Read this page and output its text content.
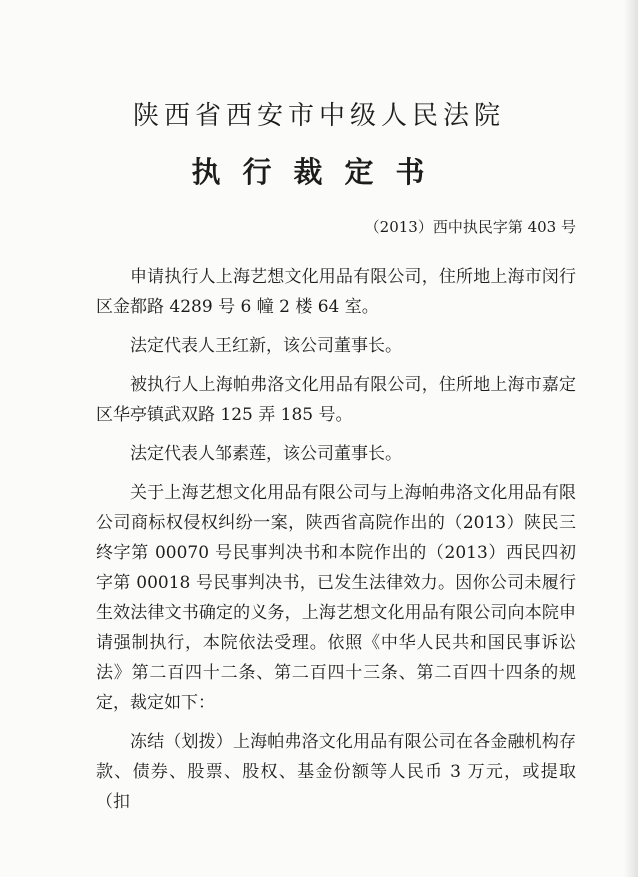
陕西省西安市中级人民法院
执行裁定书
（2013）西中执民字第 403 号

申请执行人上海艺想文化用品有限公司，住所地上海市闵行区金都路 4289 号 6 幢 2 楼 64 室。

法定代表人王红新，该公司董事长。

被执行人上海帕弗洛文化用品有限公司，住所地上海市嘉定区华亭镇武双路 125 弄 185 号。

法定代表人邹素莲，该公司董事长。

关于上海艺想文化用品有限公司与上海帕弗洛文化用品有限公司商标权侵权纠纷一案，陕西省高院作出的（2013）陕民三终字第 00070 号民事判决书和本院作出的（2013）西民四初字第 00018 号民事判决书，已发生法律效力。因你公司未履行生效法律文书确定的义务，上海艺想文化用品有限公司向本院申请强制执行，本院依法受理。依照《中华人民共和国民事诉讼法》第二百四十二条、第二百四十三条、第二百四十四条的规定，裁定如下：

冻结（划拨）上海帕弗洛文化用品有限公司在各金融机构存款、债券、股票、股权、基金份额等人民币 3 万元，或提取（扣
